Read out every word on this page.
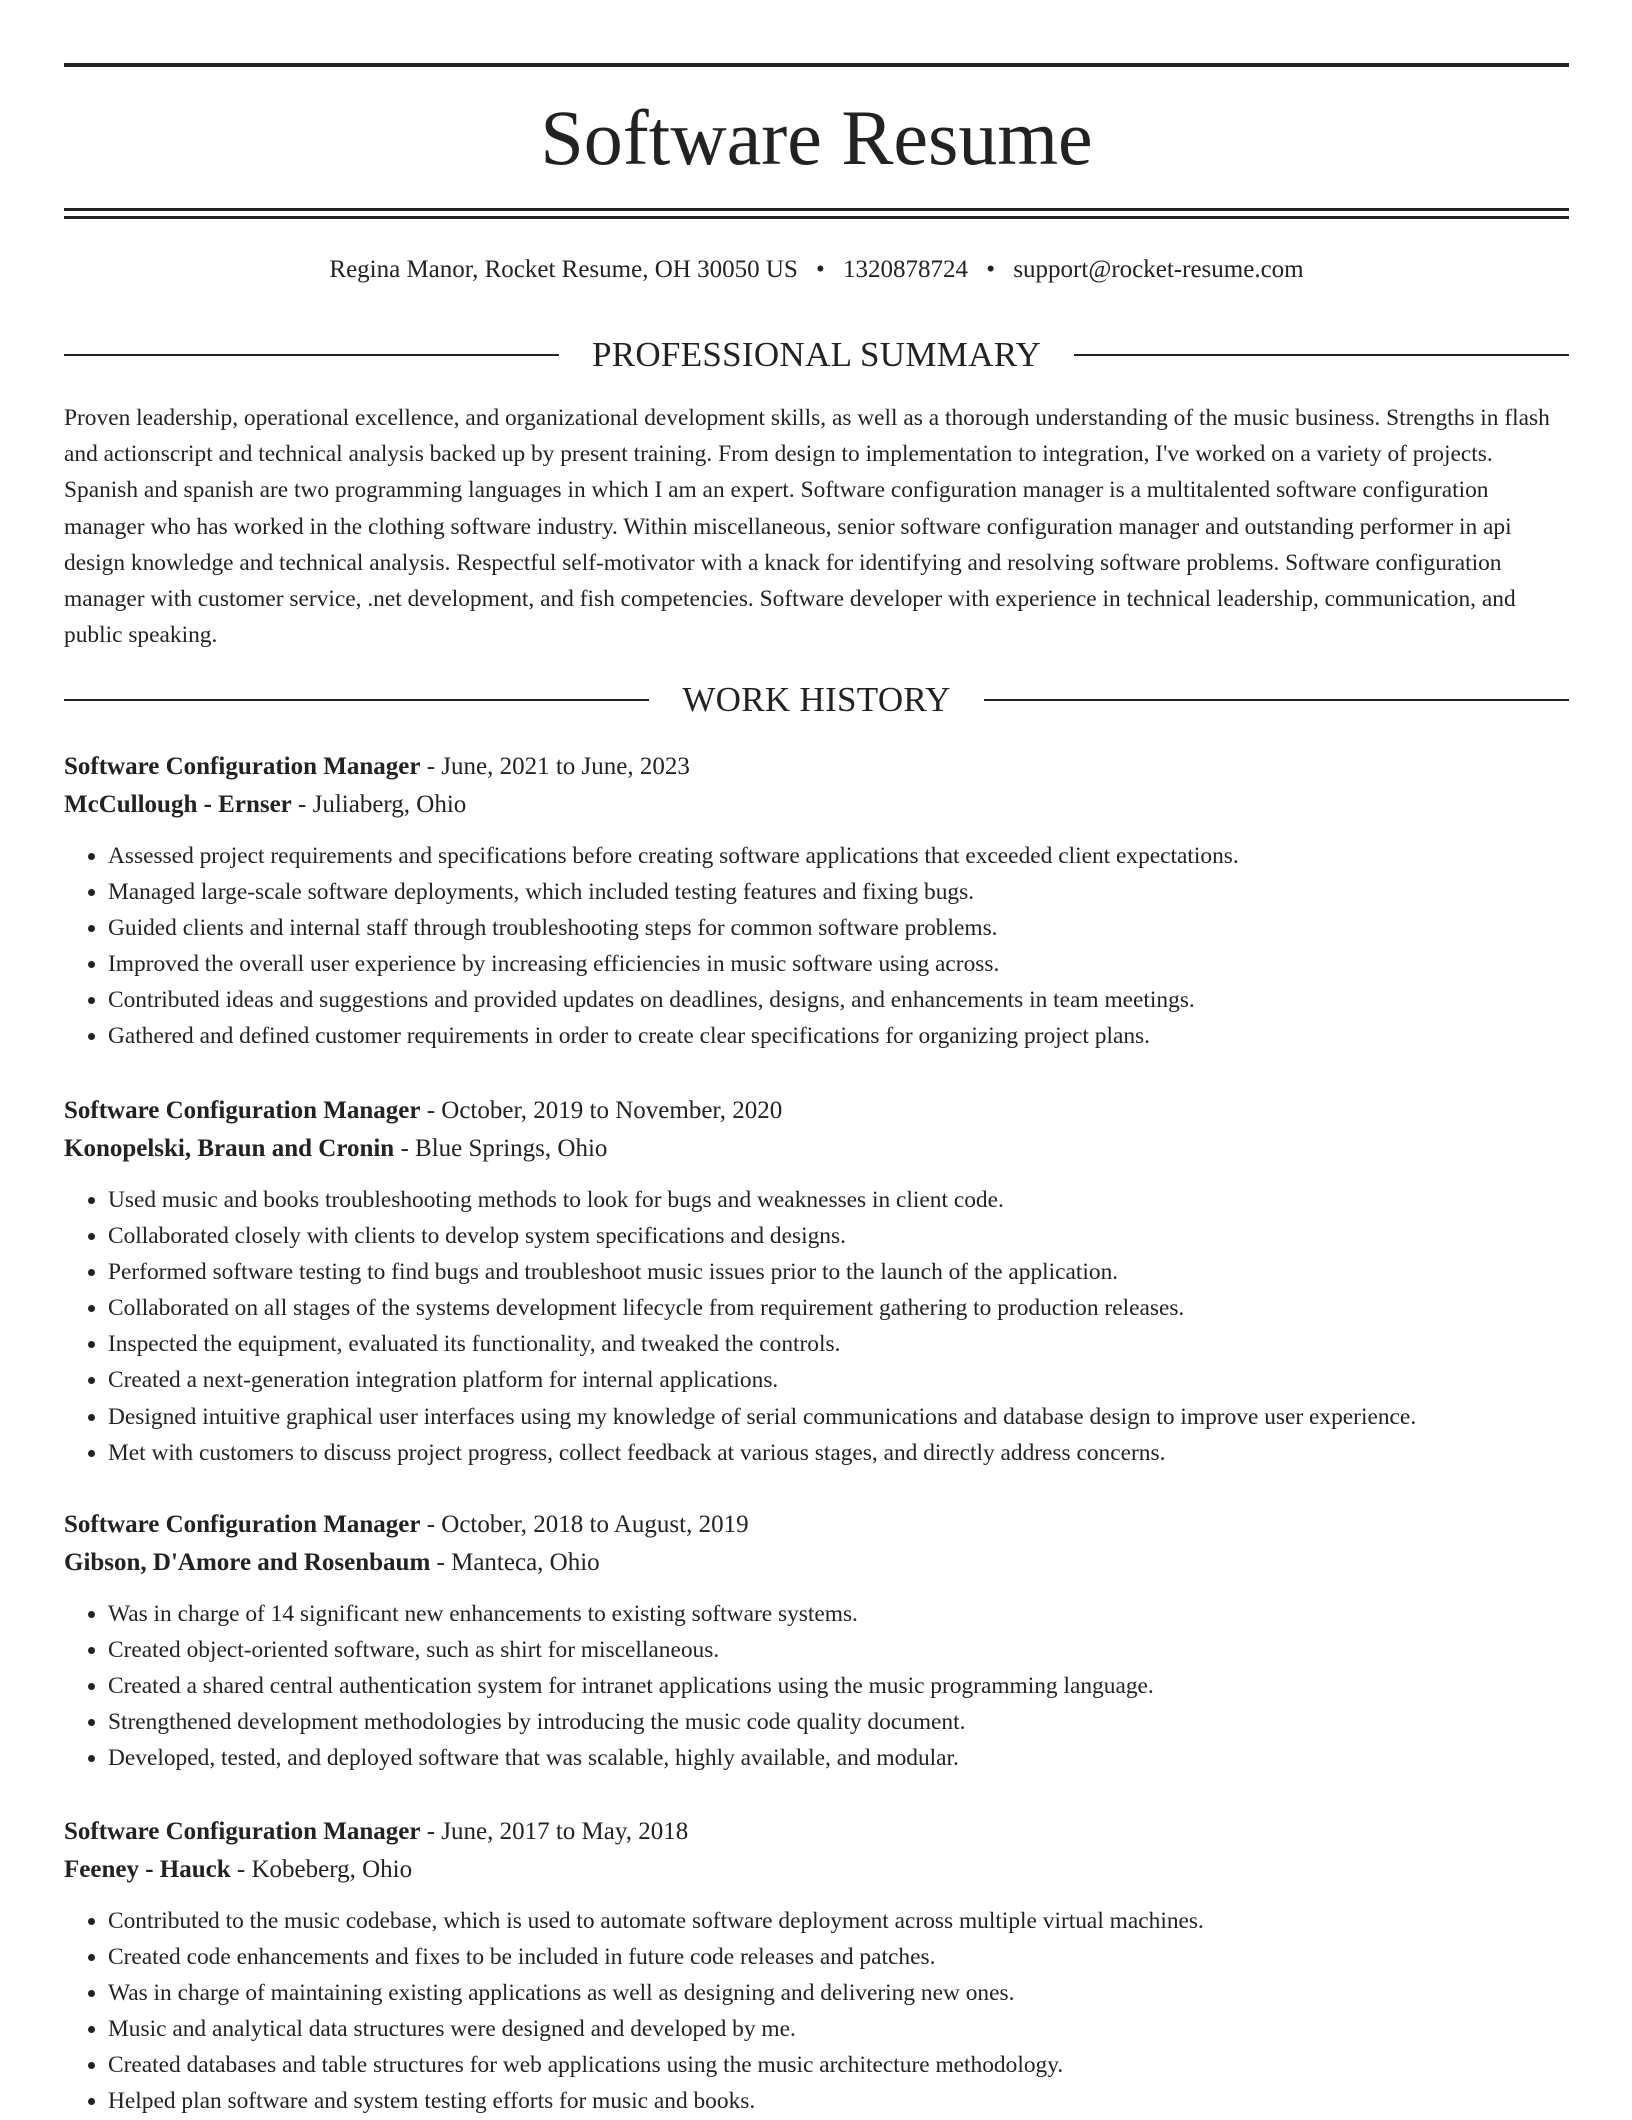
Software Resume
Regina Manor, Rocket Resume, OH 30050 US • 1320878724 • support@rocket-resume.com
PROFESSIONAL SUMMARY

Proven leadership, operational excellence, and organizational development skills, as well as a thorough understanding of the music business. Strengths in flash and actionscript and technical analysis backed up by present training. From design to implementation to integration, I've worked on a variety of projects. Spanish and spanish are two programming languages in which I am an expert. Software configuration manager is a multitalented software configuration manager who has worked in the clothing software industry. Within miscellaneous, senior software configuration manager and outstanding performer in api design knowledge and technical analysis. Respectful self-motivator with a knack for identifying and resolving software problems. Software configuration manager with customer service, .net development, and fish competencies. Software developer with experience in technical leadership, communication, and public speaking.

WORK HISTORY
Software Configuration Manager - June, 2021 to June, 2023
McCullough - Ernser - Juliaberg, Ohio
• Assessed project requirements and specifications before creating software applications that exceeded client expectations.
• Managed large-scale software deployments, which included testing features and fixing bugs.
• Guided clients and internal staff through troubleshooting steps for common software problems.
• Improved the overall user experience by increasing efficiencies in music software using across.
• Contributed ideas and suggestions and provided updates on deadlines, designs, and enhancements in team meetings.
• Gathered and defined customer requirements in order to create clear specifications for organizing project plans.
Software Configuration Manager - October, 2019 to November, 2020
Konopelski, Braun and Cronin - Blue Springs, Ohio
• Used music and books troubleshooting methods to look for bugs and weaknesses in client code.
• Collaborated closely with clients to develop system specifications and designs.
• Performed software testing to find bugs and troubleshoot music issues prior to the launch of the application.
• Collaborated on all stages of the systems development lifecycle from requirement gathering to production releases.
• Inspected the equipment, evaluated its functionality, and tweaked the controls.
• Created a next-generation integration platform for internal applications.
• Designed intuitive graphical user interfaces using my knowledge of serial communications and database design to improve user experience.
• Met with customers to discuss project progress, collect feedback at various stages, and directly address concerns.
Software Configuration Manager - October, 2018 to August, 2019
Gibson, D'Amore and Rosenbaum - Manteca, Ohio
• Was in charge of 14 significant new enhancements to existing software systems.
• Created object-oriented software, such as shirt for miscellaneous.
• Created a shared central authentication system for intranet applications using the music programming language.
• Strengthened development methodologies by introducing the music code quality document.
• Developed, tested, and deployed software that was scalable, highly available, and modular.
Software Configuration Manager - June, 2017 to May, 2018
Feeney - Hauck - Kobeberg, Ohio
• Contributed to the music codebase, which is used to automate software deployment across multiple virtual machines.
• Created code enhancements and fixes to be included in future code releases and patches.
• Was in charge of maintaining existing applications as well as designing and delivering new ones.
• Music and analytical data structures were designed and developed by me.
• Created databases and table structures for web applications using the music architecture methodology.
• Helped plan software and system testing efforts for music and books.
